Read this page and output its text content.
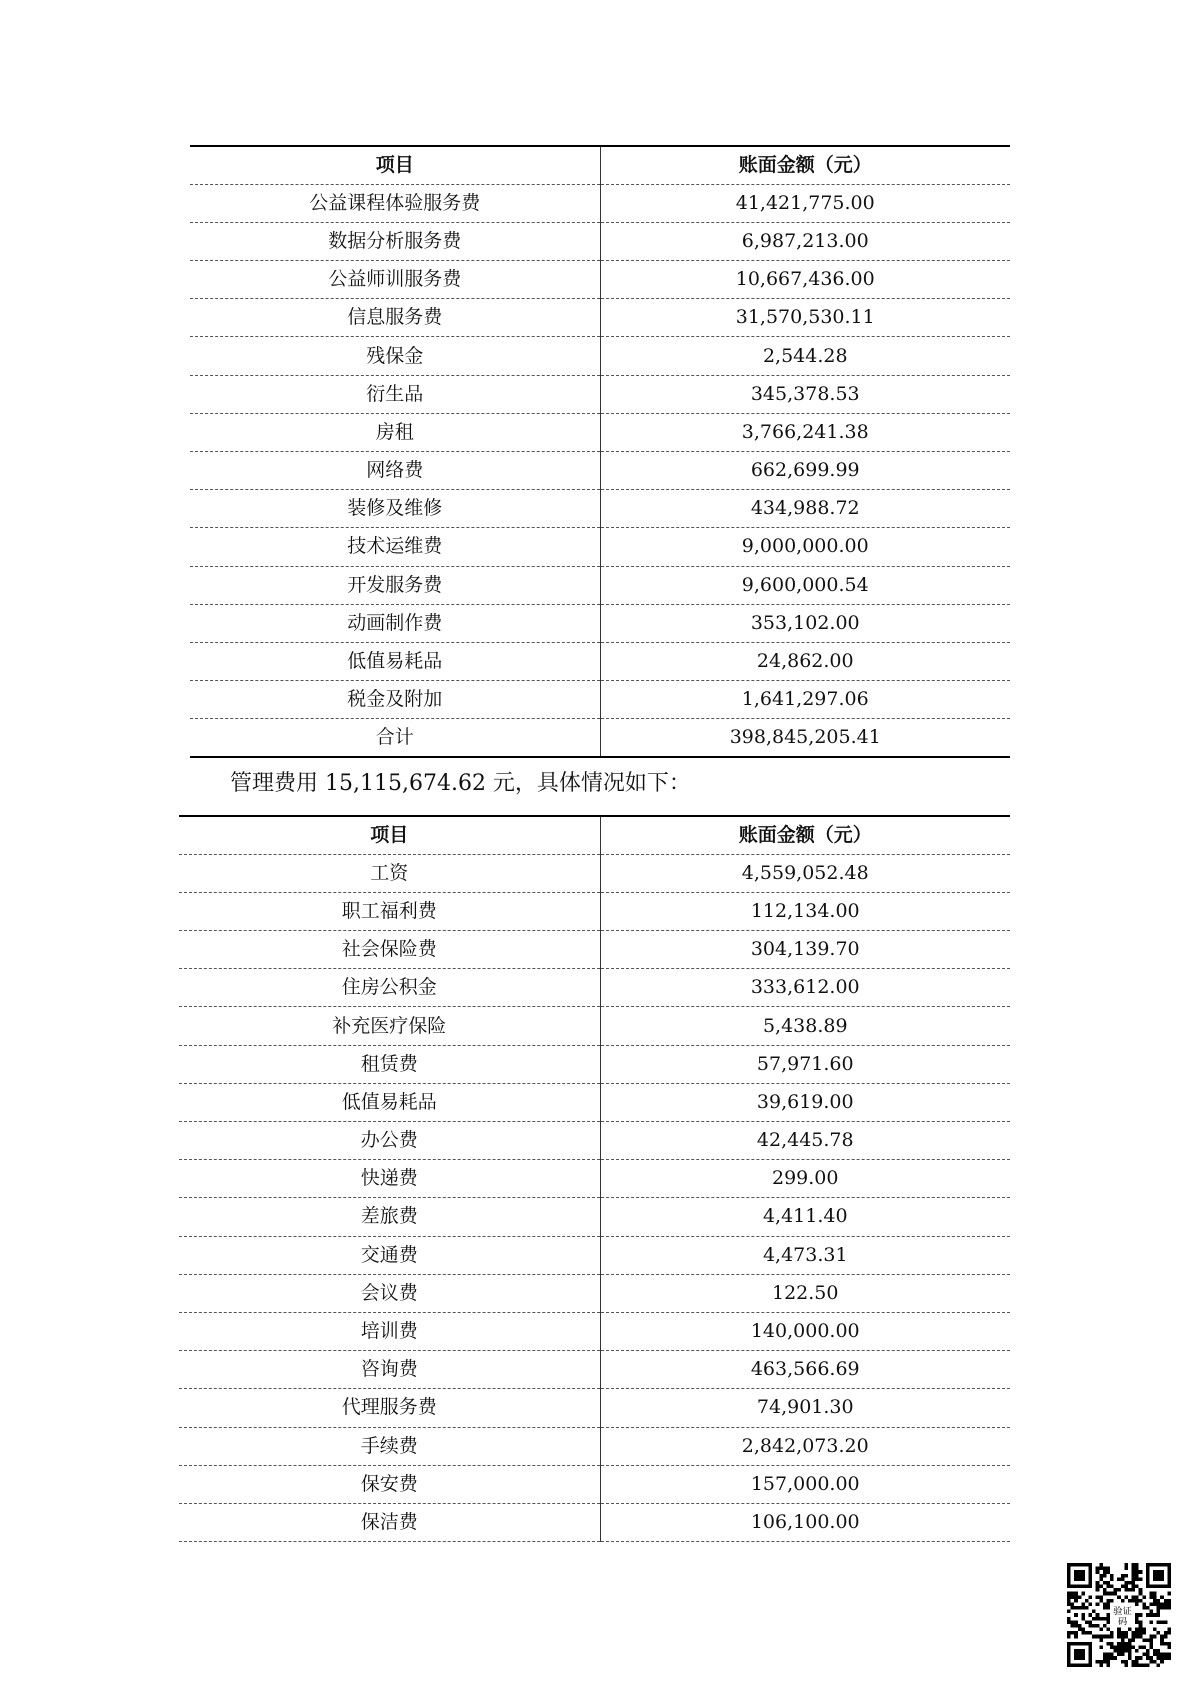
项目	账面金额（元）
公益课程体验服务费	41,421,775.00
数据分析服务费	6,987,213.00
公益师训服务费	10,667,436.00
信息服务费	31,570,530.11
残保金	2,544.28
衍生品	345,378.53
房租	3,766,241.38
网络费	662,699.99
装修及维修	434,988.72
技术运维费	9,000,000.00
开发服务费	9,600,000.54
动画制作费	353,102.00
低值易耗品	24,862.00
税金及附加	1,641,297.06
合计	398,845,205.41
管理费用 15,115,674.62 元，具体情况如下：
项目	账面金额（元）
工资	4,559,052.48
职工福利费	112,134.00
社会保险费	304,139.70
住房公积金	333,612.00
补充医疗保险	5,438.89
租赁费	57,971.60
低值易耗品	39,619.00
办公费	42,445.78
快递费	299.00
差旅费	4,411.40
交通费	4,473.31
会议费	122.50
培训费	140,000.00
咨询费	463,566.69
代理服务费	74,901.30
手续费	2,842,073.20
保安费	157,000.00
保洁费	106,100.00
验证
码
